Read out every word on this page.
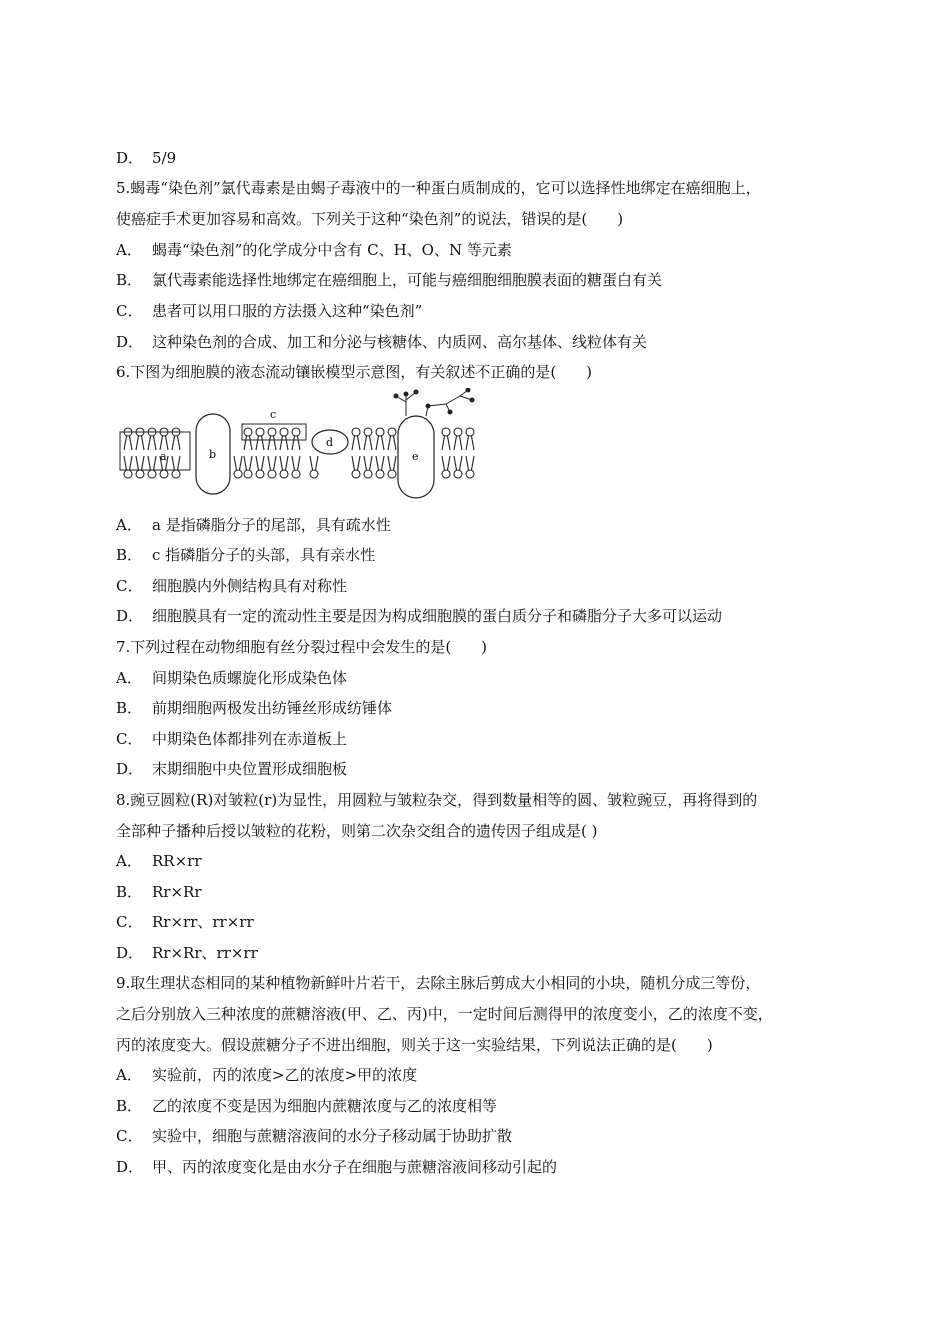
D． 5/9
5.蝎毒“染色剂”氯代毒素是由蝎子毒液中的一种蛋白质制成的，它可以选择性地绑定在癌细胞上，
使癌症手术更加容易和高效。下列关于这种“染色剂”的说法，错误的是(　　)
A． 蝎毒“染色剂”的化学成分中含有 C、H、O、N 等元素
B． 氯代毒素能选择性地绑定在癌细胞上，可能与癌细胞细胞膜表面的糖蛋白有关
C． 患者可以用口服的方法摄入这种“染色剂”
D． 这种染色剂的合成、加工和分泌与核糖体、内质网、高尔基体、线粒体有关
6.下图为细胞膜的液态流动镶嵌模型示意图，有关叙述不正确的是(　　)
A． a 是指磷脂分子的尾部，具有疏水性
B． c 指磷脂分子的头部，具有亲水性
C． 细胞膜内外侧结构具有对称性
D． 细胞膜具有一定的流动性主要是因为构成细胞膜的蛋白质分子和磷脂分子大多可以运动
7.下列过程在动物细胞有丝分裂过程中会发生的是(　　)
A． 间期染色质螺旋化形成染色体
B． 前期细胞两极发出纺锤丝形成纺锤体
C． 中期染色体都排列在赤道板上
D． 末期细胞中央位置形成细胞板
8.豌豆圆粒(R)对皱粒(r)为显性，用圆粒与皱粒杂交，得到数量相等的圆、皱粒豌豆，再将得到的
全部种子播种后授以皱粒的花粉，则第二次杂交组合的遗传因子组成是( )
A． RR×rr
B． Rr×Rr
C． Rr×rr、rr×rr
D． Rr×Rr、rr×rr
9.取生理状态相同的某种植物新鲜叶片若干，去除主脉后剪成大小相同的小块，随机分成三等份，
之后分别放入三种浓度的蔗糖溶液(甲、乙、丙)中，一定时间后测得甲的浓度变小，乙的浓度不变，
丙的浓度变大。假设蔗糖分子不进出细胞，则关于这一实验结果，下列说法正确的是(　　)
A． 实验前，丙的浓度>乙的浓度>甲的浓度
B． 乙的浓度不变是因为细胞内蔗糖浓度与乙的浓度相等
C． 实验中，细胞与蔗糖溶液间的水分子移动属于协助扩散
D． 甲、丙的浓度变化是由水分子在细胞与蔗糖溶液间移动引起的
a	b
c
d
e
